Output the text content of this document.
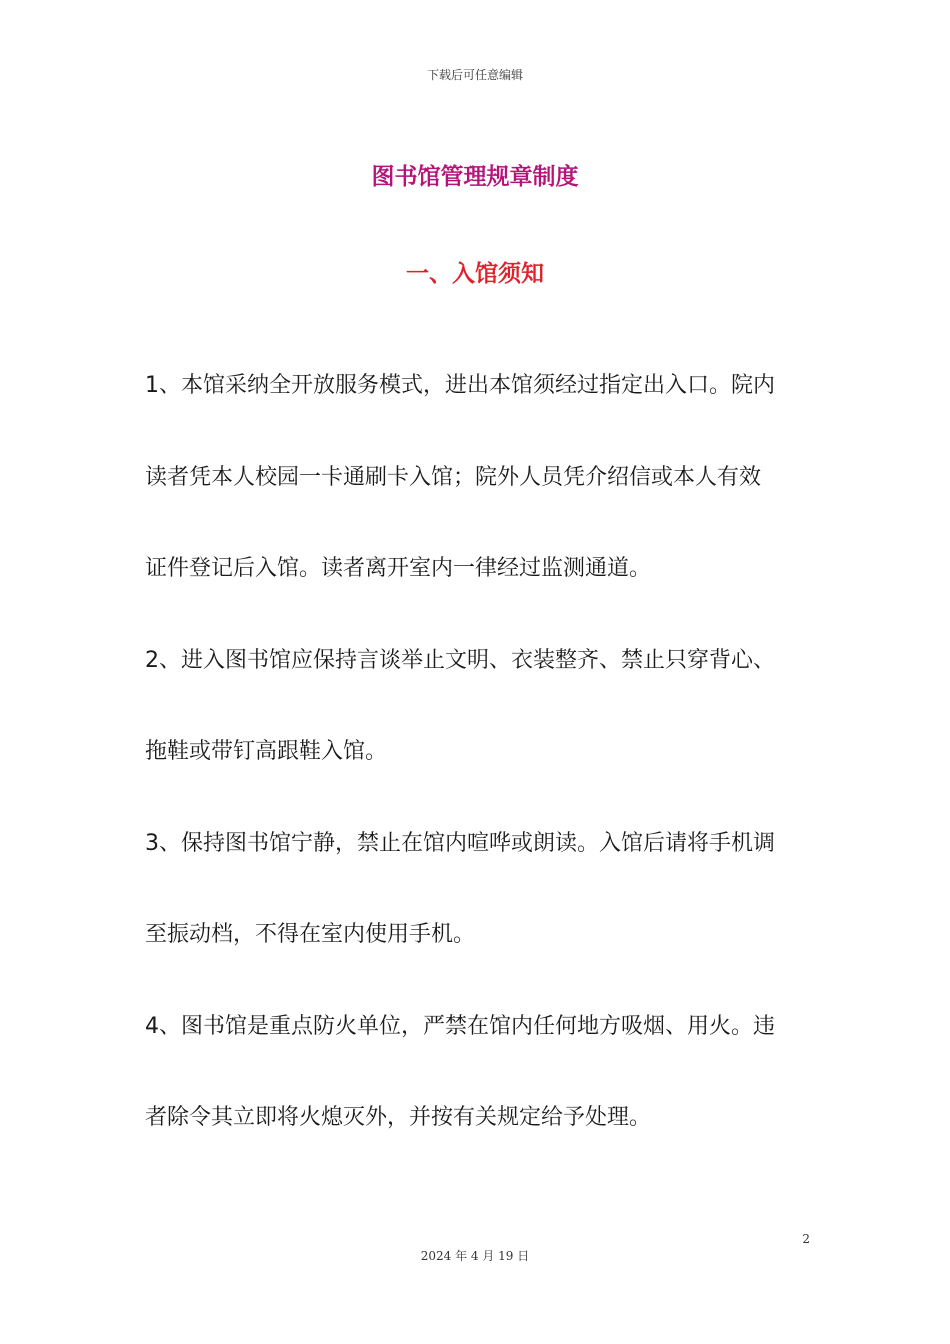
下载后可任意编辑
图书馆管理规章制度
一、入馆须知

1、本馆采纳全开放服务模式，进出本馆须经过指定出入口。院内

读者凭本人校园一卡通刷卡入馆；院外人员凭介绍信或本人有效

证件登记后入馆。读者离开室内一律经过监测通道。

2、进入图书馆应保持言谈举止文明、衣装整齐、禁止只穿背心、

拖鞋或带钉高跟鞋入馆。

3、保持图书馆宁静，禁止在馆内喧哗或朗读。入馆后请将手机调

至振动档，不得在室内使用手机。

4、图书馆是重点防火单位，严禁在馆内任何地方吸烟、用火。违

者除令其立即将火熄灭外，并按有关规定给予处理。

2
2024 年 4 月 19 日
